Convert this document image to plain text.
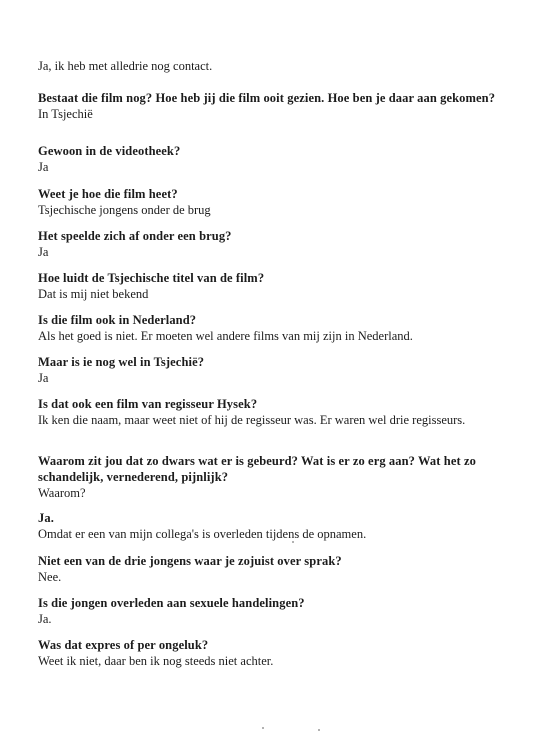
Ja, ik heb met alledrie nog contact.

Bestaat die film nog? Hoe heb jij die film ooit gezien. Hoe ben je daar aan gekomen?

In Tsjechië

Gewoon in de videotheek?

Ja

Weet je hoe die film heet?

Tsjechische jongens onder de brug

Het speelde zich af onder een brug?

Ja

Hoe luidt de Tsjechische titel van de film?

Dat is mij niet bekend

Is die film ook in Nederland?

Als het goed is niet. Er moeten wel andere films van mij zijn in Nederland.

Maar is ie nog wel in Tsjechië?

Ja

Is dat ook een film van regisseur Hysek?

Ik ken die naam, maar weet niet of hij de regisseur was. Er waren wel drie regisseurs.

Waarom zit jou dat zo dwars wat er is gebeurd? Wat is er zo erg aan? Wat het zo schandelijk, vernederend, pijnlijk?

Waarom?

Ja.

Omdat er een van mijn collega's is overleden tijdens de opnamen.

Niet een van de drie jongens waar je zojuist over sprak?

Nee.

Is die jongen overleden aan sexuele handelingen?

Ja.

Was dat expres of per ongeluk?

Weet ik niet, daar ben ik nog steeds niet achter.
